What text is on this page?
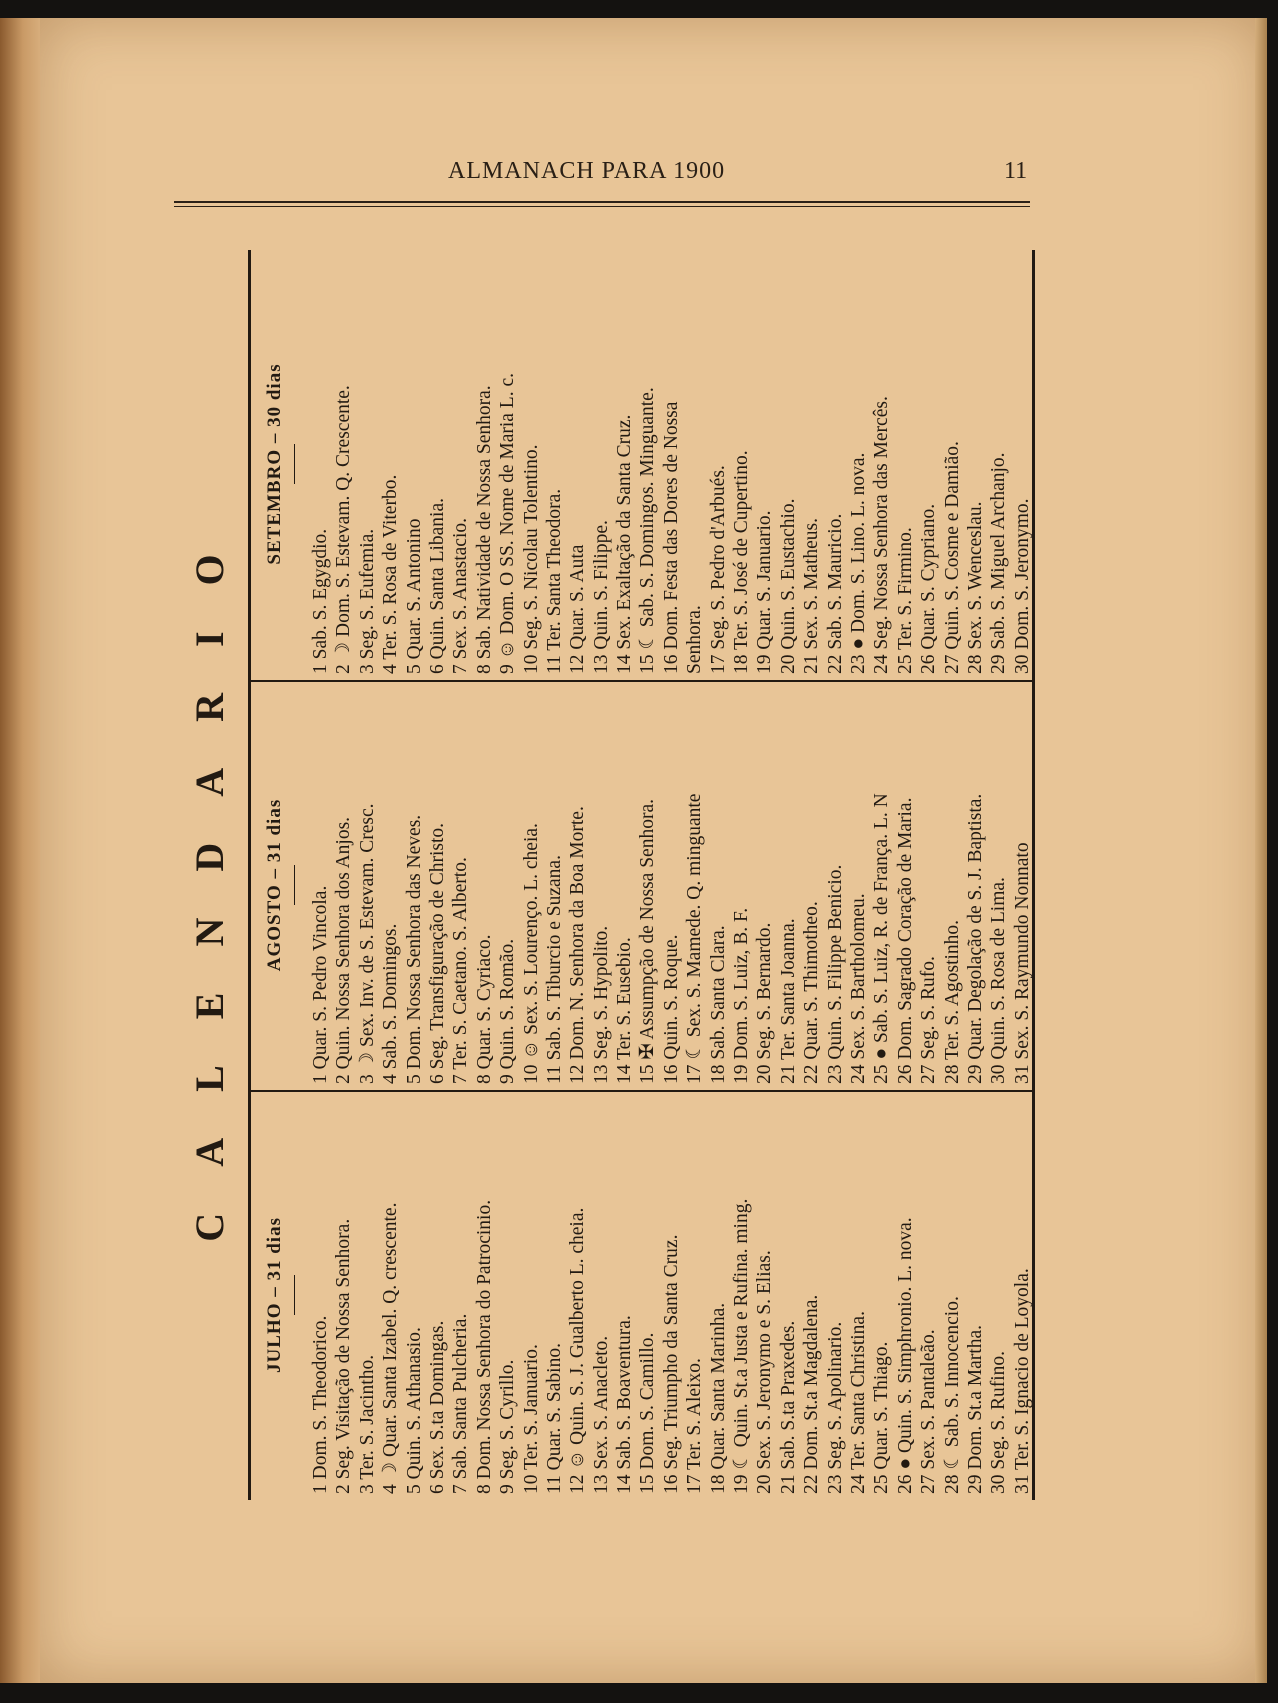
ALMANACH PARA 1900	11
CALENDARIO
JULHO – 31 dias
1 Dom. S. Theodorico. 2 Seg. Visitação de Nossa Senhora. 3 Ter. S. Jacintho. 4 ☽ Quar. Santa Izabel. Q. crescente. 5 Quin. S. Athanasio. 6 Sex. S.ta Domingas. 7 Sab. Santa Pulcheria. 8 Dom. Nossa Senhora do Patrocinio. 9 Seg. S. Cyrillo. 10 Ter. S. Januario. 11 Quar. S. Sabino. 12 ☺ Quin. S. J. Gualberto L. cheia. 13 Sex. S. Anacleto. 14 Sab. S. Boaventura. 15 Dom. S. Camillo. 16 Seg. Triumpho da Santa Cruz. 17 Ter. S. Aleixo. 18 Quar. Santa Marinha. 19 ☾ Quin. St.a Justa e Rufina. ming. 20 Sex. S. Jeronymo e S. Elias. 21 Sab. S.ta Praxedes. 22 Dom. St.a Magdalena. 23 Seg. S. Apolinario. 24 Ter. Santa Christina. 25 Quar. S. Thiago. 26 ● Quin. S. Simphronio. L. nova. 27 Sex. S. Pantaleão. 28 ☾ Sab. S. Innocencio. 29 Dom. St.a Martha. 30 Seg. S. Rufino. 31 Ter. S. Ignacio de Loyola.
AGOSTO – 31 dias
1 Quar. S. Pedro Vincola. 2 Quin. Nossa Senhora dos Anjos. 3 ☽ Sex. Inv. de S. Estevam. Cresc. 4 Sab. S. Domingos. 5 Dom. Nossa Senhora das Neves. 6 Seg. Transfiguração de Christo. 7 Ter. S. Caetano. S. Alberto. 8 Quar. S. Cyriaco. 9 Quin. S. Romão. 10 ☺ Sex. S. Lourenço. L. cheia. 11 Sab. S. Tiburcio e Suzana. 12 Dom. N. Senhora da Boa Morte. 13 Seg. S. Hypolito. 14 Ter. S. Eusebio. 15 ✠ Assumpção de Nossa Senhora. 16 Quin. S. Roque. 17 ☾ Sex. S. Mamede. Q. minguante 18 Sab. Santa Clara. 19 Dom. S. Luiz, B. F. 20 Seg. S. Bernardo. 21 Ter. Santa Joanna. 22 Quar. S. Thimotheo. 23 Quin. S. Filippe Benicio. 24 Sex. S. Bartholomeu. 25 ● Sab. S. Luiz, R. de França. L. N 26 Dom. Sagrado Coração de Maria. 27 Seg. S. Rufo. 28 Ter. S. Agostinho. 29 Quar. Degolação de S. J. Baptista. 30 Quin. S. Rosa de Lima. 31 Sex. S. Raymundo Nonnato
SETEMBRO – 30 dias
1 Sab. S. Egygdio. 2 ☽ Dom. S. Estevam. Q. Crescente. 3 Seg. S. Eufemia. 4 Ter. S. Rosa de Viterbo. 5 Quar. S. Antonino 6 Quin. Santa Libania. 7 Sex. S. Anastacio. 8 Sab. Natividade de Nossa Senhora. 9 ☺ Dom. O SS. Nome de Maria L. c. 10 Seg. S. Nicolau Tolentino. 11 Ter. Santa Theodora. 12 Quar. S. Auta 13 Quin. S. Filippe. 14 Sex. Exaltação da Santa Cruz. 15 ☾ Sab. S. Domingos. Minguante. 16 Dom. Festa das Dores de Nossa Senhora. 17 Seg. S. Pedro d'Arbués. 18 Ter. S. José de Cupertino. 19 Quar. S. Januario. 20 Quin. S. Eustachio. 21 Sex. S. Matheus. 22 Sab. S. Mauricio. 23 ● Dom. S. Lino. L. nova. 24 Seg. Nossa Senhora das Mercês. 25 Ter. S. Firmino. 26 Quar. S. Cypriano. 27 Quin. S. Cosme e Damião. 28 Sex. S. Wenceslau. 29 Sab. S. Miguel Archanjo. 30 Dom. S. Jeronymo.
